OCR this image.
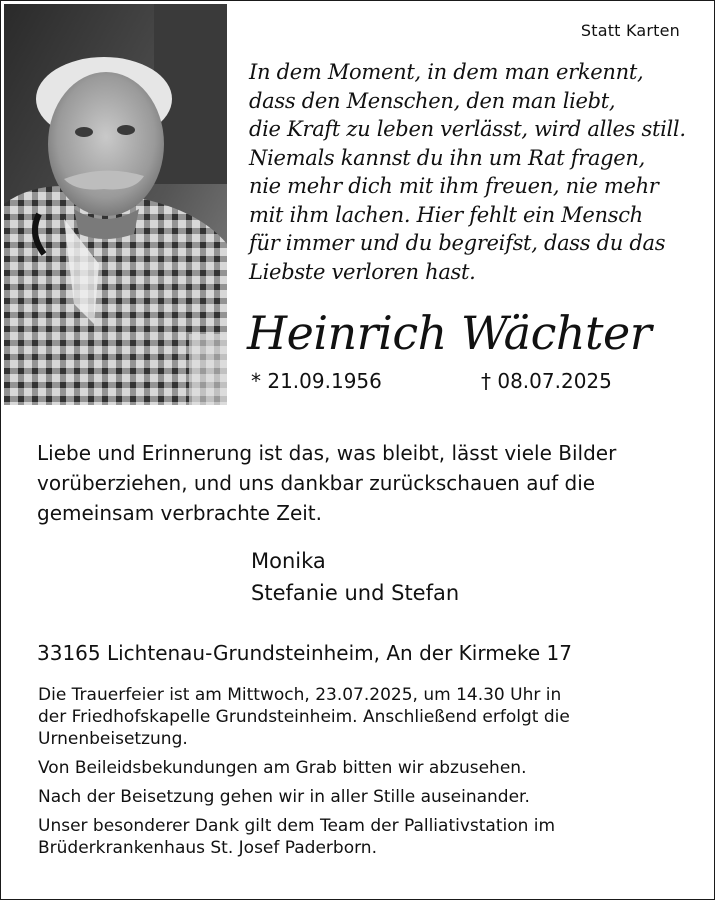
Statt Karten
In dem Moment, in dem man erkennt,
dass den Menschen, den man liebt,
die Kraft zu leben verlässt, wird alles still.
Niemals kannst du ihn um Rat fragen,
nie mehr dich mit ihm freuen, nie mehr
mit ihm lachen. Hier fehlt ein Mensch
für immer und du begreifst, dass du das
Liebste verloren hast.
Heinrich Wächter
* 21.09.1956	† 08.07.2025
Liebe und Erinnerung ist das, was bleibt, lässt viele Bilder
vorüberziehen, und uns dankbar zurückschauen auf die
gemeinsam verbrachte Zeit.
Monika
Stefanie und Stefan
33165 Lichtenau-Grundsteinheim, An der Kirmeke 17

Die Trauerfeier ist am Mittwoch, 23.07.2025, um 14.30 Uhr in
der Friedhofskapelle Grundsteinheim. Anschließend erfolgt die
Urnenbeisetzung.

Von Beileidsbekundungen am Grab bitten wir abzusehen.

Nach der Beisetzung gehen wir in aller Stille auseinander.

Unser besonderer Dank gilt dem Team der Palliativstation im
Brüderkrankenhaus St. Josef Paderborn.
